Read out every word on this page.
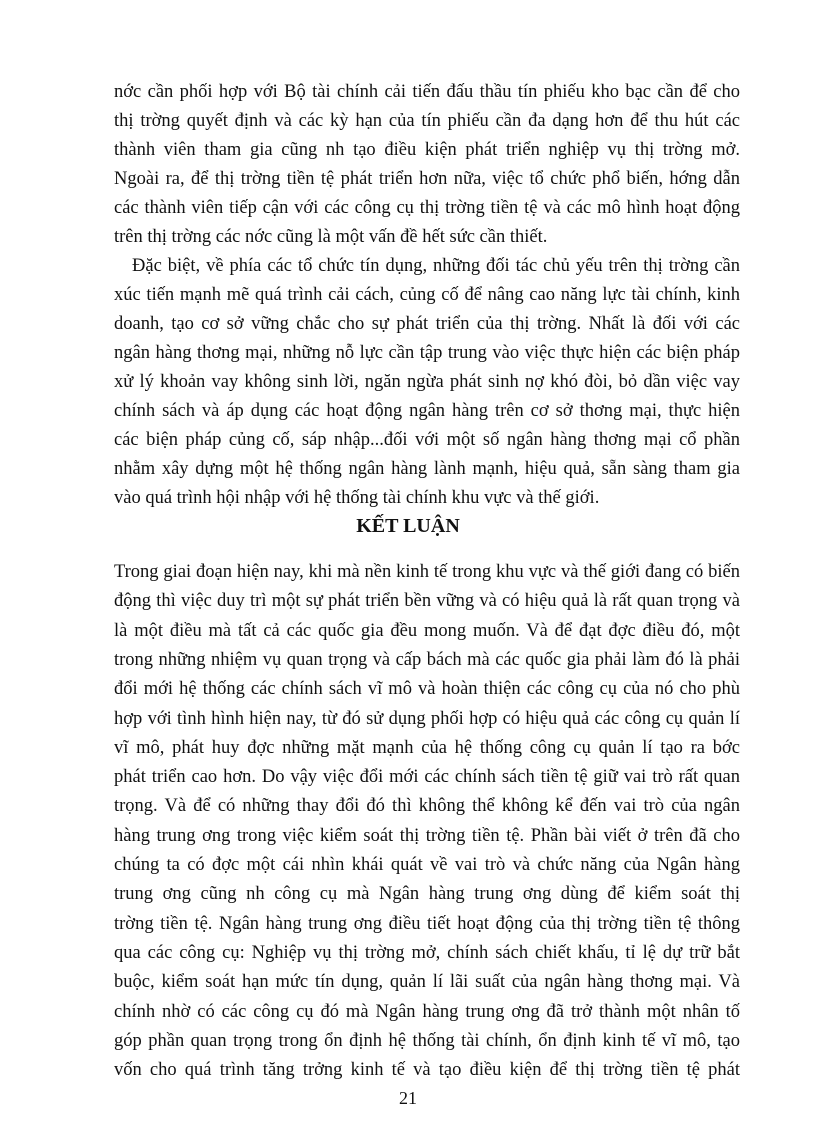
nớc cần phối hợp với Bộ tài chính cải tiến đấu thầu tín phiếu kho bạc cần để cho
thị trờng quyết định và các kỳ hạn của tín phiếu cần đa dạng hơn để thu hút các
thành viên tham gia cũng nh tạo điều kiện phát triển nghiệp vụ thị trờng mở.
Ngoài ra, để thị trờng tiền tệ phát triển hơn nữa, việc tổ chức phổ biến, hớng dẫn
các thành viên tiếp cận với các công cụ thị trờng tiền tệ và các mô hình hoạt động
trên thị trờng các nớc cũng là một vấn đề hết sức cần thiết.
Đặc biệt, về phía các tổ chức tín dụng, những đối tác chủ yếu trên thị trờng cần
xúc tiến mạnh mẽ quá trình cải cách, củng cố để nâng cao năng lực tài chính, kinh
doanh, tạo cơ sở vững chắc cho sự phát triển của thị trờng. Nhất là đối với các
ngân hàng thơng mại, những nỗ lực cần tập trung vào việc thực hiện các biện pháp
xử lý khoản vay không sinh lời, ngăn ngừa phát sinh nợ khó đòi, bỏ dần việc vay
chính sách và áp dụng các hoạt động ngân hàng trên cơ sở thơng mại, thực hiện
các biện pháp củng cố, sáp nhập...đối với một số ngân hàng thơng mại cổ phần
nhằm xây dựng một hệ thống ngân hàng lành mạnh, hiệu quả, sẵn sàng tham gia
vào quá trình hội nhập với hệ thống tài chính khu vực và thế giới.
KẾT LUẬN
Trong giai đoạn hiện nay, khi mà nền kinh tế trong khu vực và thế giới đang có biến
động thì việc duy trì một sự phát triển bền vững và có hiệu quả là rất quan trọng và
là một điều mà tất cả các quốc gia đều mong muốn. Và để đạt đợc điều đó, một
trong những nhiệm vụ quan trọng và cấp bách mà các quốc gia phải làm đó là phải
đổi mới hệ thống các chính sách vĩ mô và hoàn thiện các công cụ của nó cho phù
hợp với tình hình hiện nay, từ đó sử dụng phối hợp có hiệu quả các công cụ quản lí
vĩ mô, phát huy đợc những mặt mạnh của hệ thống công cụ quản lí tạo ra bớc
phát triển cao hơn. Do vậy việc đổi mới các chính sách tiền tệ giữ vai trò rất quan
trọng. Và để có những thay đổi đó thì không thể không kể đến vai trò của ngân
hàng trung ơng trong việc kiểm soát thị trờng tiền tệ. Phần bài viết ở trên đã cho
chúng ta có đợc một cái nhìn khái quát về vai trò và chức năng của Ngân hàng
trung ơng cũng nh công cụ mà Ngân hàng trung ơng dùng để kiểm soát thị
trờng tiền tệ. Ngân hàng trung ơng điều tiết hoạt động của thị trờng tiền tệ thông
qua các công cụ: Nghiệp vụ thị trờng mở, chính sách chiết khấu, tỉ lệ dự trữ bắt
buộc, kiểm soát hạn mức tín dụng, quản lí lãi suất của ngân hàng thơng mại. Và
chính nhờ có các công cụ đó mà Ngân hàng trung ơng đã trở thành một nhân tố
góp phần quan trọng trong ổn định hệ thống tài chính, ổn định kinh tế vĩ mô, tạo
vốn cho quá trình tăng trởng kinh tế và tạo điều kiện để thị trờng tiền tệ phát
21
